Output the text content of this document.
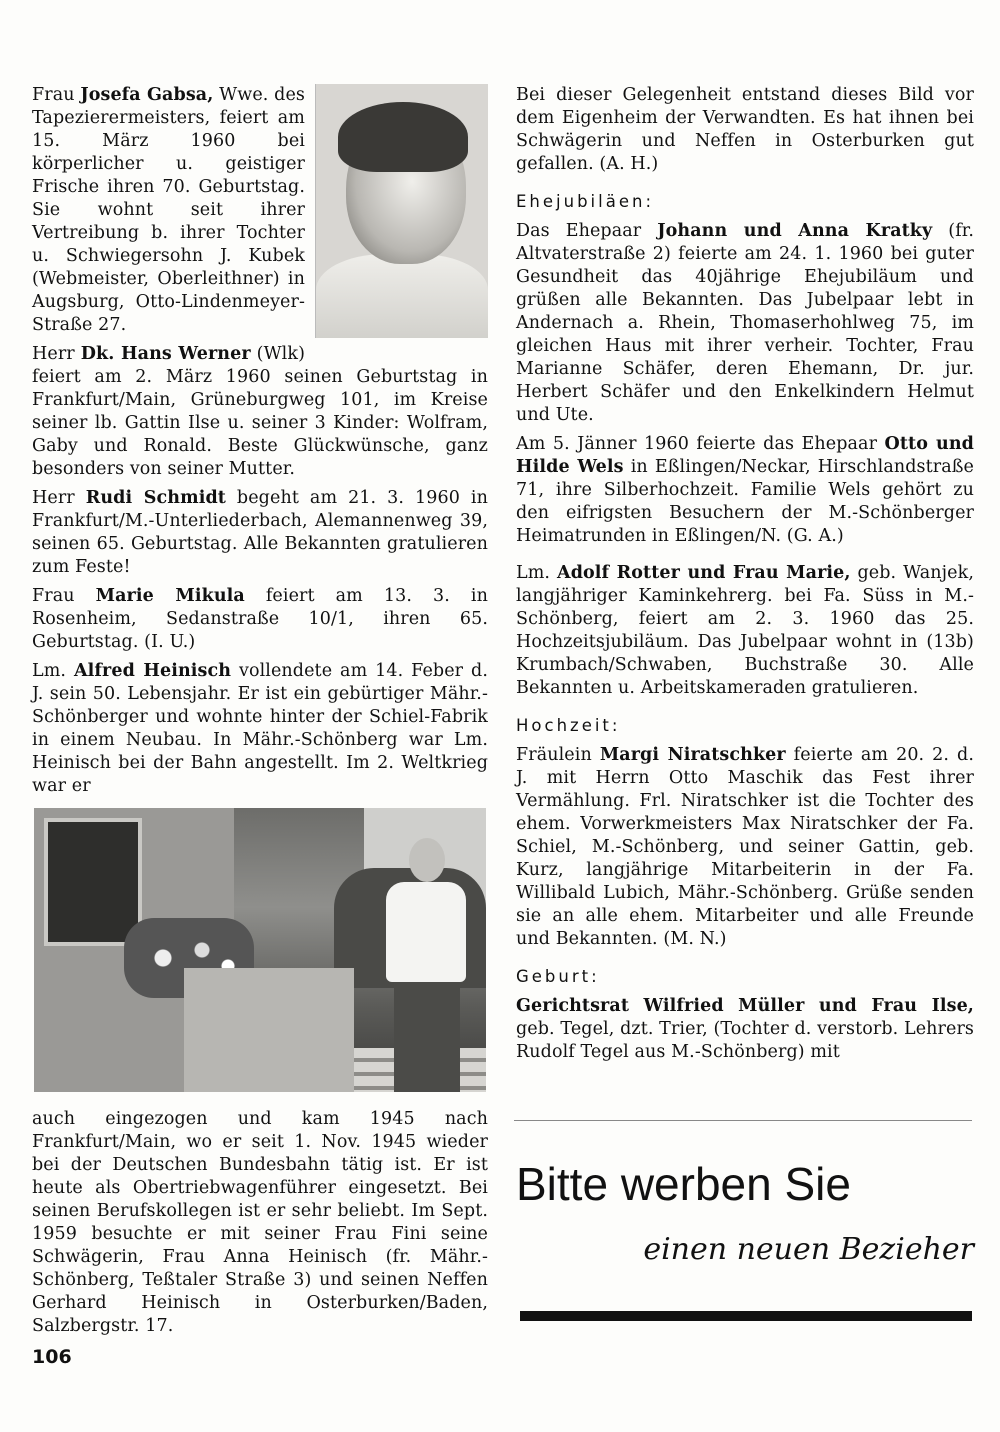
Frau Josefa Gabsa, Wwe. des Tapezierermeisters, feiert am 15. März 1960 bei körperlicher u. geistiger Frische ihren 70. Geburtstag. Sie wohnt seit ihrer Vertreibung b. ihrer Tochter u. Schwiegersohn J. Kubek (Webmeister, Oberleithner) in Augsburg, Otto-Lindenmeyer-Straße 27.

Herr Dk. Hans Werner (Wlk) feiert am 2. März 1960 seinen Geburtstag in Frankfurt/Main, Grüneburgweg 101, im Kreise seiner lb. Gattin Ilse u. seiner 3 Kinder: Wolfram, Gaby und Ronald. Beste Glückwünsche, ganz besonders von seiner Mutter.

Herr Rudi Schmidt begeht am 21. 3. 1960 in Frankfurt/M.-Unterliederbach, Alemannenweg 39, seinen 65. Geburtstag. Alle Bekannten gratulieren zum Feste!

Frau Marie Mikula feiert am 13. 3. in Rosenheim, Sedanstraße 10/1, ihren 65. Geburtstag. (I. U.)

Lm. Alfred Heinisch vollendete am 14. Feber d. J. sein 50. Lebensjahr. Er ist ein gebürtiger Mähr.-Schönberger und wohnte hinter der Schiel-Fabrik in einem Neubau. In Mähr.-Schönberg war Lm. Heinisch bei der Bahn angestellt. Im 2. Weltkrieg war er

auch eingezogen und kam 1945 nach Frankfurt/Main, wo er seit 1. Nov. 1945 wieder bei der Deutschen Bundesbahn tätig ist. Er ist heute als Obertriebwagenführer eingesetzt. Bei seinen Berufskollegen ist er sehr beliebt. Im Sept. 1959 besuchte er mit seiner Frau Fini seine Schwägerin, Frau Anna Heinisch (fr. Mähr.-Schönberg, Teßtaler Straße 3) und seinen Neffen Gerhard Heinisch in Osterburken/Baden, Salzbergstr. 17.

Bei dieser Gelegenheit entstand dieses Bild vor dem Eigenheim der Verwandten. Es hat ihnen bei Schwägerin und Neffen in Osterburken gut gefallen. (A. H.)

Ehejubiläen:

Das Ehepaar Johann und Anna Kratky (fr. Altvaterstraße 2) feierte am 24. 1. 1960 bei guter Gesundheit das 40jährige Ehejubiläum und grüßen alle Bekannten. Das Jubelpaar lebt in Andernach a. Rhein, Thomaserhohlweg 75, im gleichen Haus mit ihrer verheir. Tochter, Frau Marianne Schäfer, deren Ehemann, Dr. jur. Herbert Schäfer und den Enkelkindern Helmut und Ute.

Am 5. Jänner 1960 feierte das Ehepaar Otto und Hilde Wels in Eßlingen/Neckar, Hirschlandstraße 71, ihre Silberhochzeit. Familie Wels gehört zu den eifrigsten Besuchern der M.-Schönberger Heimatrunden in Eßlingen/N. (G. A.)

Lm. Adolf Rotter und Frau Marie, geb. Wanjek, langjähriger Kaminkehrerg. bei Fa. Süss in M.-Schönberg, feiert am 2. 3. 1960 das 25. Hochzeitsjubiläum. Das Jubelpaar wohnt in (13b) Krumbach/Schwaben, Buchstraße 30. Alle Bekannten u. Arbeitskameraden gratulieren.

Hochzeit:

Fräulein Margi Niratschker feierte am 20. 2. d. J. mit Herrn Otto Maschik das Fest ihrer Vermählung. Frl. Niratschker ist die Tochter des ehem. Vorwerkmeisters Max Niratschker der Fa. Schiel, M.-Schönberg, und seiner Gattin, geb. Kurz, langjährige Mitarbeiterin in der Fa. Willibald Lubich, Mähr.-Schönberg. Grüße senden sie an alle ehem. Mitarbeiter und alle Freunde und Bekannten. (M. N.)

Geburt:

Gerichtsrat Wilfried Müller und Frau Ilse, geb. Tegel, dzt. Trier, (Tochter d. verstorb. Lehrers Rudolf Tegel aus M.-Schönberg) mit

Bitte werben Sie
einen neuen Bezieher
106
